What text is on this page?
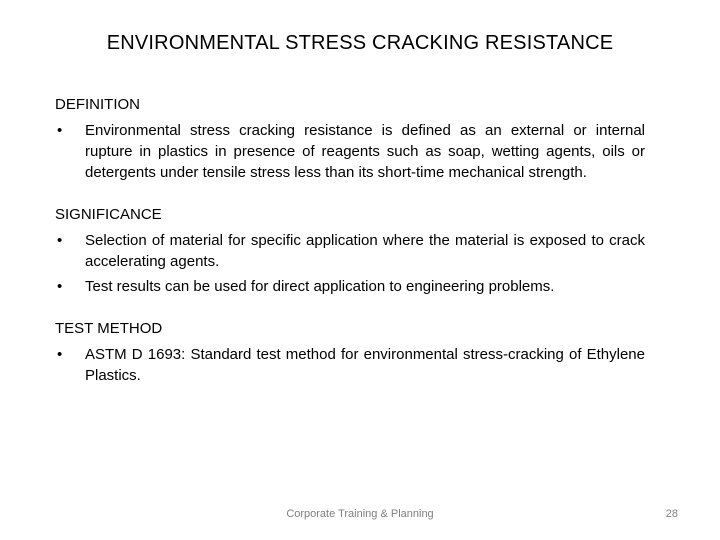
ENVIRONMENTAL STRESS CRACKING RESISTANCE
DEFINITION
•	Environmental stress cracking resistance is defined as an external or internal rupture in plastics in presence of reagents such as soap, wetting agents, oils or detergents under tensile stress less than its short-time mechanical strength.
SIGNIFICANCE
•	Selection of material for specific application where the material is exposed to crack accelerating agents.
•	Test results can be used for direct application to engineering problems.
TEST METHOD
•	ASTM D 1693: Standard test method for environmental stress-cracking of Ethylene Plastics.
Corporate Training & Planning	28
